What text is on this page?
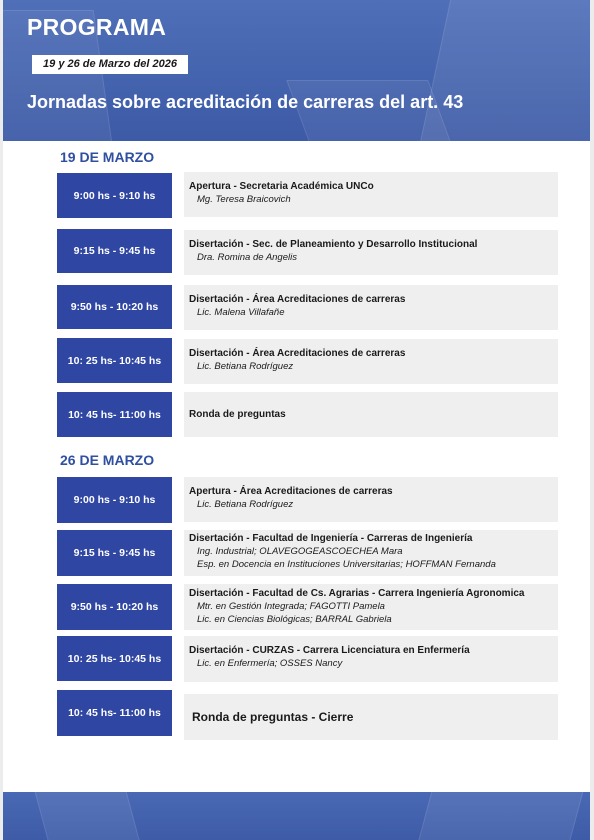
PROGRAMA
19 y 26 de Marzo del 2026
Jornadas sobre acreditación de carreras del art. 43
19 DE MARZO
9:00 hs - 9:10 hs
Apertura - Secretaria Académica UNCo
Mg. Teresa Braicovich
9:15 hs - 9:45 hs
Disertación - Sec. de Planeamiento y Desarrollo Institucional
Dra. Romina de Angelis
9:50 hs - 10:20 hs
Disertación - Área Acreditaciones de carreras
Lic. Malena Villafañe
10: 25 hs- 10:45 hs
Disertación - Área Acreditaciones de carreras
Lic. Betiana Rodríguez
10: 45 hs- 11:00 hs	Ronda de preguntas
26 DE MARZO
9:00 hs - 9:10 hs
Apertura - Área Acreditaciones de carreras
Lic. Betiana Rodríguez
9:15 hs - 9:45 hs
Disertación - Facultad de Ingeniería - Carreras de Ingeniería
Ing. Industrial; OLAVEGOGEASCOECHEA Mara
Esp. en Docencia en Instituciones Universitarias; HOFFMAN Fernanda
9:50 hs - 10:20 hs
Disertación - Facultad de Cs. Agrarias - Carrera Ingeniería Agronomica
Mtr. en Gestión Integrada; FAGOTTI Pamela
Lic. en Ciencias Biológicas; BARRAL Gabriela
10: 25 hs- 10:45 hs
Disertación - CURZAS - Carrera Licenciatura en Enfermería
Lic. en Enfermería; OSSES Nancy
10: 45 hs- 11:00 hs	Ronda de preguntas - Cierre
